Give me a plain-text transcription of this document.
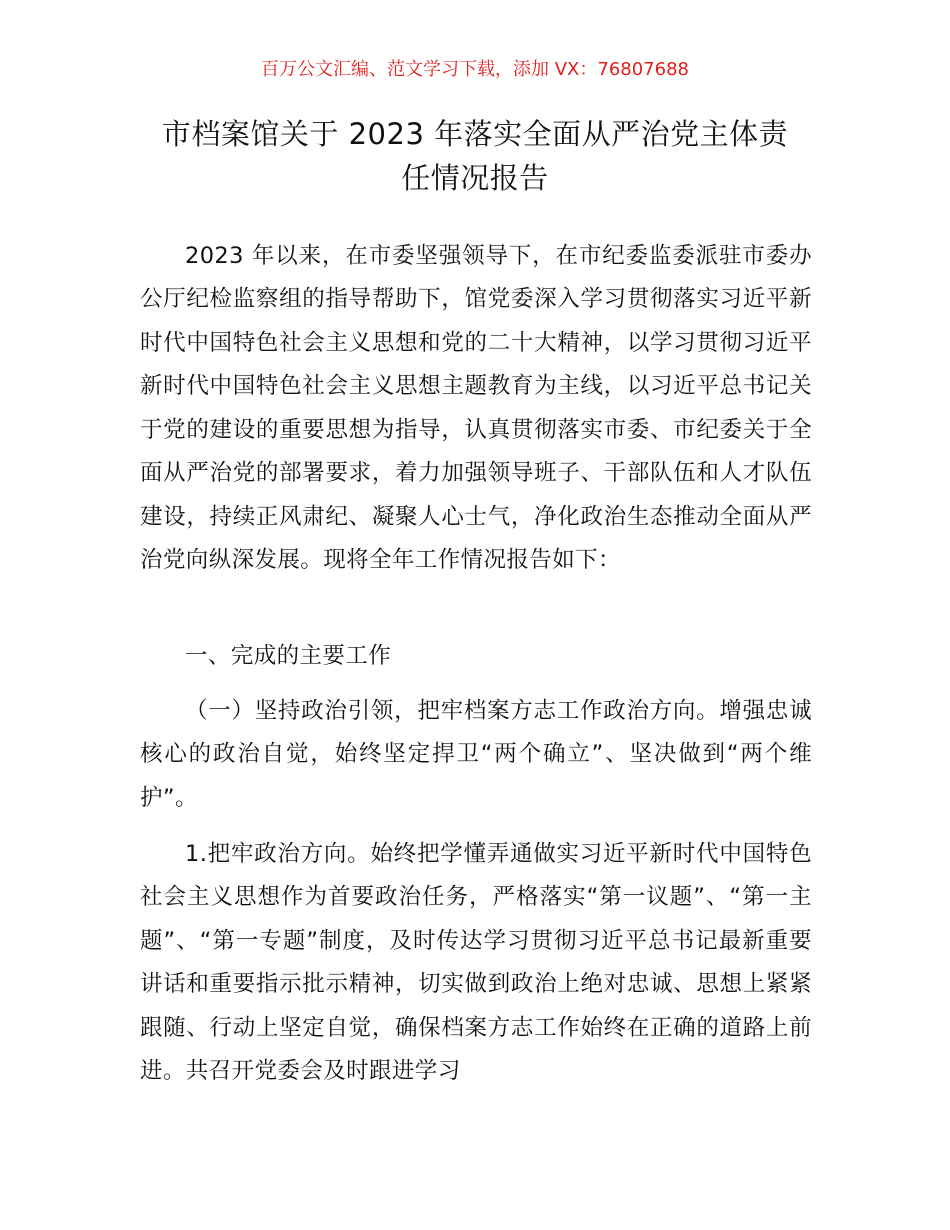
百万公文汇编、范文学习下载，添加 VX：76807688
市档案馆关于 2023 年落实全面从严治党主体责
任情况报告

2023 年以来，在市委坚强领导下，在市纪委监委派驻市委办公厅纪检监察组的指导帮助下，馆党委深入学习贯彻落实习近平新时代中国特色社会主义思想和党的二十大精神，以学习贯彻习近平新时代中国特色社会主义思想主题教育为主线，以习近平总书记关于党的建设的重要思想为指导，认真贯彻落实市委、市纪委关于全面从严治党的部署要求，着力加强领导班子、干部队伍和人才队伍建设，持续正风肃纪、凝聚人心士气，净化政治生态推动全面从严治党向纵深发展。现将全年工作情况报告如下：

一、完成的主要工作

（一）坚持政治引领，把牢档案方志工作政治方向。增强忠诚核心的政治自觉，始终坚定捍卫“两个确立”、坚决做到“两个维护”。

1.把牢政治方向。始终把学懂弄通做实习近平新时代中国特色社会主义思想作为首要政治任务，严格落实“第一议题”、“第一主题”、“第一专题”制度，及时传达学习贯彻习近平总书记最新重要讲话和重要指示批示精神，切实做到政治上绝对忠诚、思想上紧紧跟随、行动上坚定自觉，确保档案方志工作始终在正确的道路上前进。共召开党委会及时跟进学习
